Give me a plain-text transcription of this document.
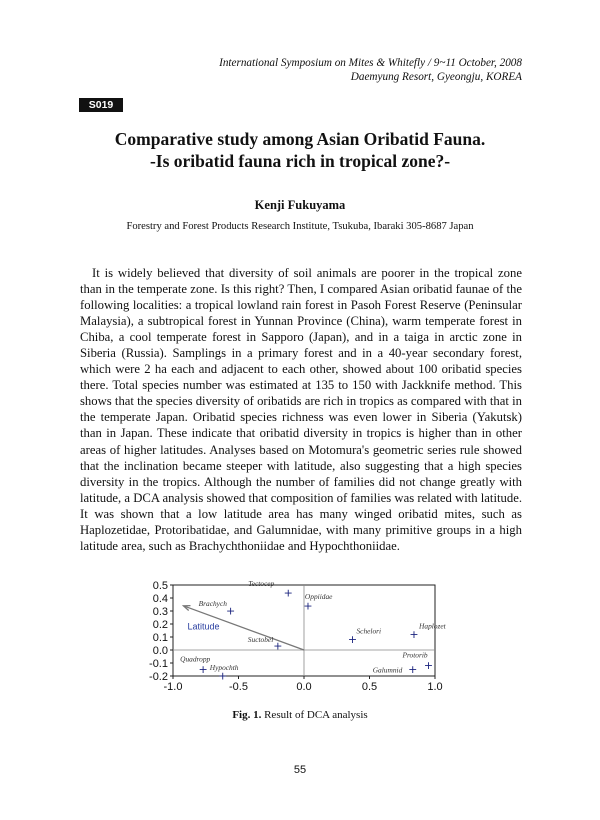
International Symposium on Mites & Whitefly / 9~11 October, 2008
Daemyung Resort, Gyeongju, KOREA
S019
Comparative study among Asian Oribatid Fauna.
-Is oribatid fauna rich in tropical zone?-
Kenji Fukuyama
Forestry and Forest Products Research Institute, Tsukuba, Ibaraki 305-8687 Japan

It is widely believed that diversity of soil animals are poorer in the tropical zone than in the temperate zone. Is this right? Then, I compared Asian oribatid faunae of the following localities: a tropical lowland rain forest in Pasoh Forest Reserve (Peninsular Malaysia), a subtropical forest in Yunnan Province (China), warm temperate forest in Chiba, a cool temperate forest in Sapporo (Japan), and in a taiga in arctic zone in Siberia (Russia). Samplings in a primary forest and in a 40-year secondary forest, which were 2 ha each and adjacent to each other, showed about 100 oribatid species there. Total species number was estimated at 135 to 150 with Jackknife method. This shows that the species diversity of oribatids are rich in tropics as compared with that in the temperate Japan. Oribatid species richness was even lower in Siberia (Yakutsk) than in Japan. These indicate that oribatid diversity in tropics is higher than in other areas of higher latitudes. Analyses based on Motomura's geometric series rule showed that the inclination became steeper with latitude, also suggesting that a high species diversity in the tropics. Although the number of families did not change greatly with latitude, a DCA analysis showed that composition of families was related with latitude. It was shown that a low latitude area has many winged oribatid mites, such as Haplozetidae, Protoribatidae, and Galumnidae, with many primitive groups in a high latitude area, such as Brachychthoniidae and Hypochthoniidae.

-1.0	-0.5	0.0	0.5	1.0
0.5
0.4
0.3
0.2
0.1
0.0
-0.1
-0.2
Latitude
+
Tectocep
+
Oppiidae
+
Brachych
+
Haplozet
+
Schelori
+
Suctobel
+
Protorib
+
Galumnid
+
Quadropp
+
Hypochth
Fig. 1. Result of DCA analysis
55
